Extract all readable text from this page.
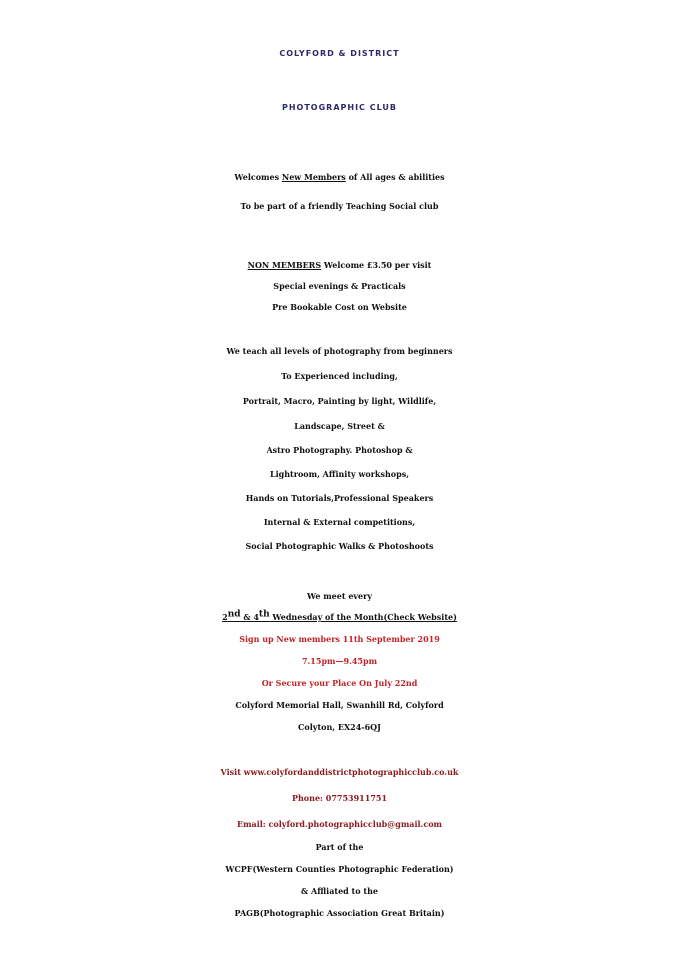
COLYFORD & DISTRICT
PHOTOGRAPHIC CLUB
Welcomes New Members of All ages & abilities
To be part of a friendly Teaching Social club
NON MEMBERS Welcome £3.50 per visit
Special evenings & Practicals
Pre Bookable Cost on Website
We teach all levels of photography from beginners
To Experienced including,
Portrait, Macro, Painting by light, Wildlife,
Landscape, Street &
Astro Photography. Photoshop &
Lightroom, Affinity workshops,
Hands on Tutorials,Professional Speakers
Internal & External competitions,
Social Photographic Walks & Photoshoots
We meet every
2nd & 4th Wednesday of the Month(Check Website)
Sign up New members 11th September 2019
7.15pm—9.45pm
Or Secure your Place On July 22nd
Colyford Memorial Hall, Swanhill Rd, Colyford
Colyton, EX24-6QJ
Visit www.colyfordanddistrictphotographicclub.co.uk
Phone: 07753911751
Email: colyford.photographicclub@gmail.com
Part of the
WCPF(Western Counties Photographic Federation)
& Affliated to the
PAGB(Photographic Association Great Britain)
